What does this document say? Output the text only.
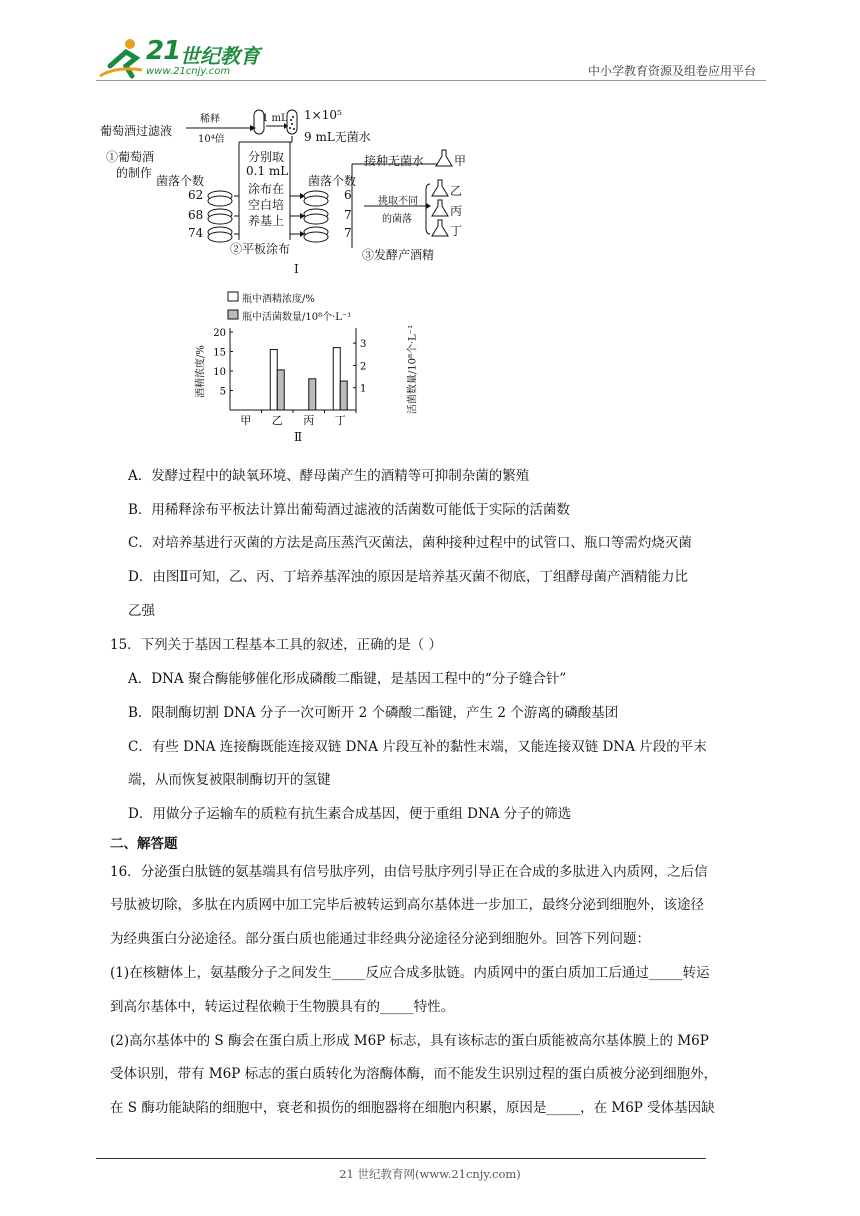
21 世纪教育
www.21cnjy.com	中小学教育资源及组卷应用平台
葡萄酒过滤液
稀释
10⁴倍
1 mL 1×10⁵
9 mL无菌水
①葡萄酒
的制作
菌落个数
62
68
74
分别取
0.1 mL
涂布在
空白培
养基上
菌落个数
6
7
7
②平板涂布
接种无菌水 甲
挑取不同
的菌落
乙
丙
丁
③发酵产酒精
Ⅰ
5
10
15
20
1
2
3
甲 乙 丙 丁
瓶中酒精浓度/%
瓶中活菌数量/10⁸个·L⁻¹
酒精浓度/%	活菌数量/10⁸个·L⁻¹
Ⅱ
A．发酵过程中的缺氧环境、酵母菌产生的酒精等可抑制杂菌的繁殖
B．用稀释涂布平板法计算出葡萄酒过滤液的活菌数可能低于实际的活菌数
C．对培养基进行灭菌的方法是高压蒸汽灭菌法，菌种接种过程中的试管口、瓶口等需灼烧灭菌
D．由图Ⅱ可知，乙、丙、丁培养基浑浊的原因是培养基灭菌不彻底，丁组酵母菌产酒精能力比
乙强
15．下列关于基因工程基本工具的叙述，正确的是（ ）
A．DNA 聚合酶能够催化形成磷酸二酯键，是基因工程中的“分子缝合针”
B．限制酶切割 DNA 分子一次可断开 2 个磷酸二酯键，产生 2 个游离的磷酸基团
C．有些 DNA 连接酶既能连接双链 DNA 片段互补的黏性末端，又能连接双链 DNA 片段的平末
端，从而恢复被限制酶切开的氢键
D．用做分子运输车的质粒有抗生素合成基因，便于重组 DNA 分子的筛选
二、解答题
16．分泌蛋白肽链的氨基端具有信号肽序列，由信号肽序列引导正在合成的多肽进入内质网，之后信
号肽被切除，多肽在内质网中加工完毕后被转运到高尔基体进一步加工，最终分泌到细胞外，该途径
为经典蛋白分泌途径。部分蛋白质也能通过非经典分泌途径分泌到细胞外。回答下列问题：
(1)在核糖体上，氨基酸分子之间发生_____反应合成多肽链。内质网中的蛋白质加工后通过_____转运
到高尔基体中，转运过程依赖于生物膜具有的_____特性。
(2)高尔基体中的 S 酶会在蛋白质上形成 M6P 标志，具有该标志的蛋白质能被高尔基体膜上的 M6P
受体识别，带有 M6P 标志的蛋白质转化为溶酶体酶，而不能发生识别过程的蛋白质被分泌到细胞外，
在 S 酶功能缺陷的细胞中，衰老和损伤的细胞器将在细胞内积累，原因是_____，在 M6P 受体基因缺
21 世纪教育网(www.21cnjy.com)
